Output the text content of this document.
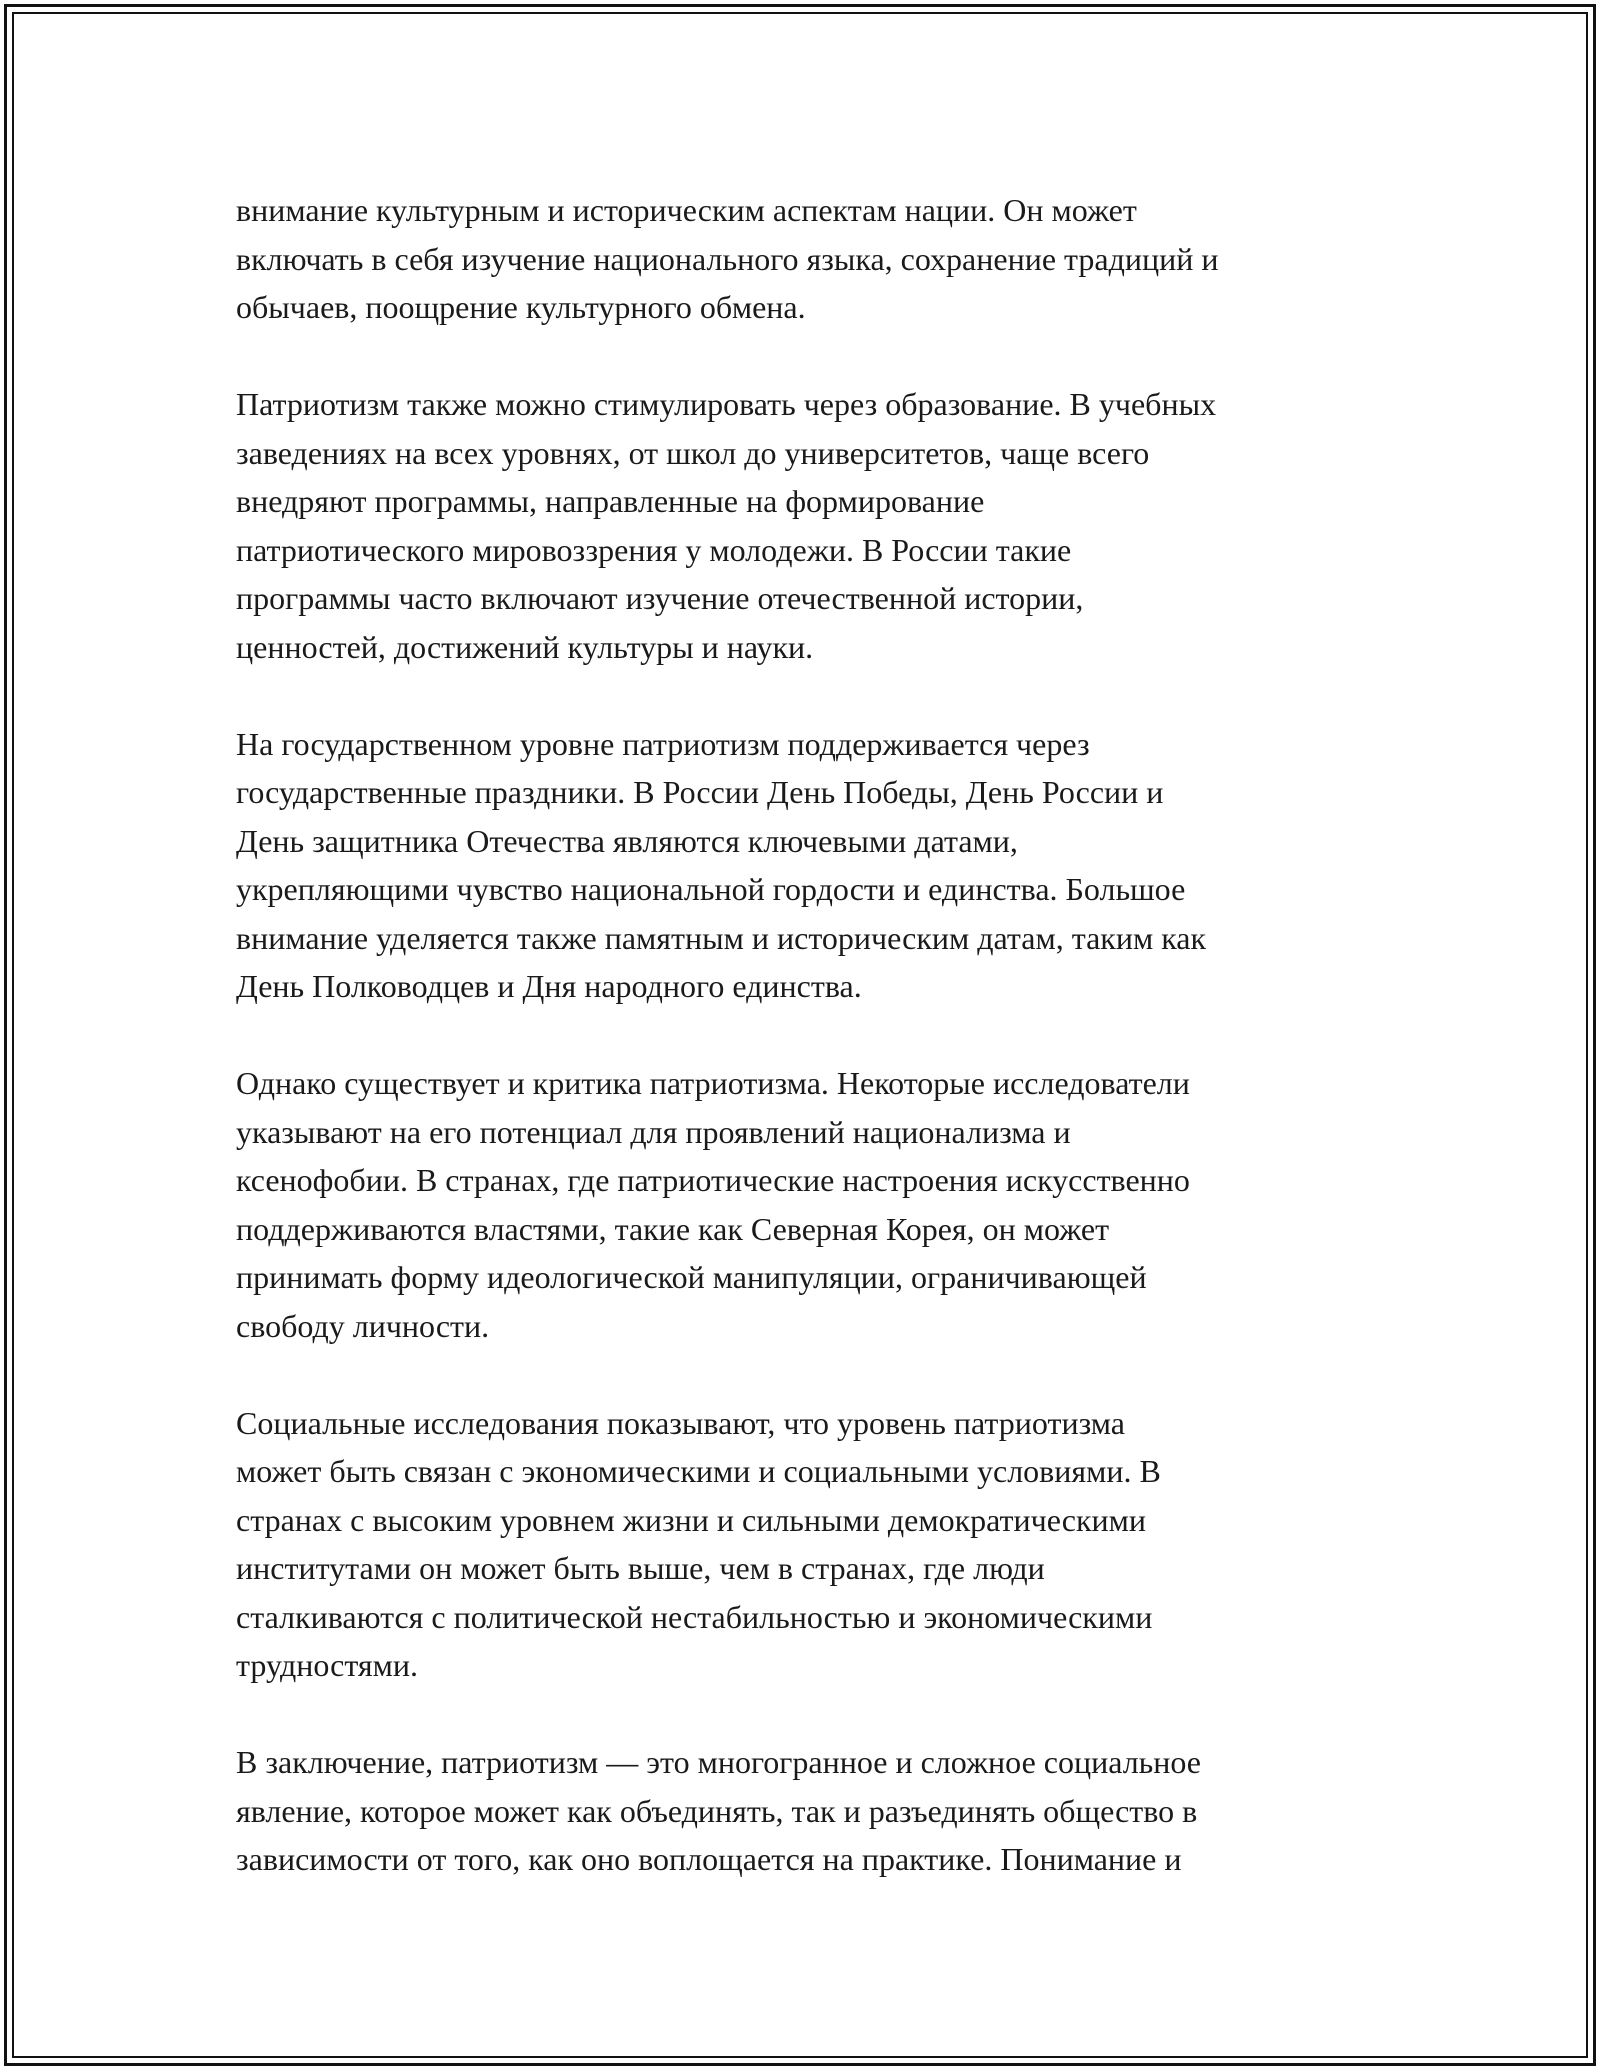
внимание культурным и историческим аспектам нации. Он может
включать в себя изучение национального языка, сохранение традиций и
обычаев, поощрение культурного обмена.

Патриотизм также можно стимулировать через образование. В учебных
заведениях на всех уровнях, от школ до университетов, чаще всего
внедряют программы, направленные на формирование
патриотического мировоззрения у молодежи. В России такие
программы часто включают изучение отечественной истории,
ценностей, достижений культуры и науки.

На государственном уровне патриотизм поддерживается через
государственные праздники. В России День Победы, День России и
День защитника Отечества являются ключевыми датами,
укрепляющими чувство национальной гордости и единства. Большое
внимание уделяется также памятным и историческим датам, таким как
День Полководцев и Дня народного единства.

Однако существует и критика патриотизма. Некоторые исследователи
указывают на его потенциал для проявлений национализма и
ксенофобии. В странах, где патриотические настроения искусственно
поддерживаются властями, такие как Северная Корея, он может
принимать форму идеологической манипуляции, ограничивающей
свободу личности.

Социальные исследования показывают, что уровень патриотизма
может быть связан с экономическими и социальными условиями. В
странах с высоким уровнем жизни и сильными демократическими
институтами он может быть выше, чем в странах, где люди
сталкиваются с политической нестабильностью и экономическими
трудностями.

В заключение, патриотизм — это многогранное и сложное социальное
явление, которое может как объединять, так и разъединять общество в
зависимости от того, как оно воплощается на практике. Понимание и
